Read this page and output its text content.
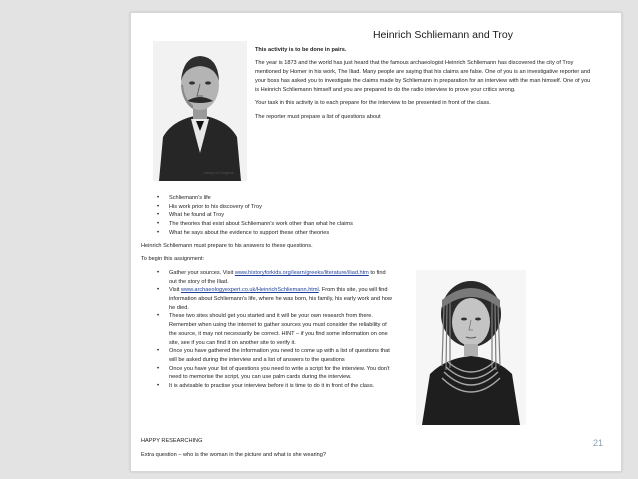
Heinrich Schliemann and Troy
Library of Congress

This activity is to be done in pairs.

The year is 1873 and the world has just heard that the famous archaeologist Heinrich Schliemann has discovered the city of Troy mentioned by Homer in his work, The Iliad. Many people are saying that his claims are false. One of you is an investigative reporter and your boss has asked you to investigate the claims made by Schliemann in preparation for an interview with the man himself. One of you is Heinrich Schliemann himself and you are prepared to do the radio interview to prove your critics wrong.

Your task in this activity is to each prepare for the interview to be presented in front of the class.

The reporter must prepare a list of questions about

• Schliemann's life
• His work prior to his discovery of Troy
• What he found at Troy
• The theories that exist about Schliemann's work other than what he claims
• What he says about the evidence to support these other theories
Heinrich Schliemann must prepare to his answers to these questions.
To begin this assignment:
• Gather your sources. Visit www.historyforkids.org/learn/greeks/literature/iliad.htm to find out the story of the Iliad.
• Visit www.archaeologyexpert.co.uk/HeinrichSchliemann.html. From this site, you will find information about Schliemann's life, where he was born, his family, his early work and how he died.
• These two sites should get you started and it will be your own research from there. Remember when using the internet to gather sources you must consider the reliability of the source, it may not necessarily be correct. HINT – if you find some information on one site, see if you can find it on another site to verify it.
• Once you have gathered the information you need to come up with a list of questions that will be asked during the interview and a list of answers to the questions
• Once you have your list of questions you need to write a script for the interview. You don't need to memorise the script, you can use palm cards during the interview.
• It is advisable to practise your interview before it is time to do it in front of the class.
21
HAPPY RESEARCHING
Extra question – who is the woman in the picture and what is she wearing?
